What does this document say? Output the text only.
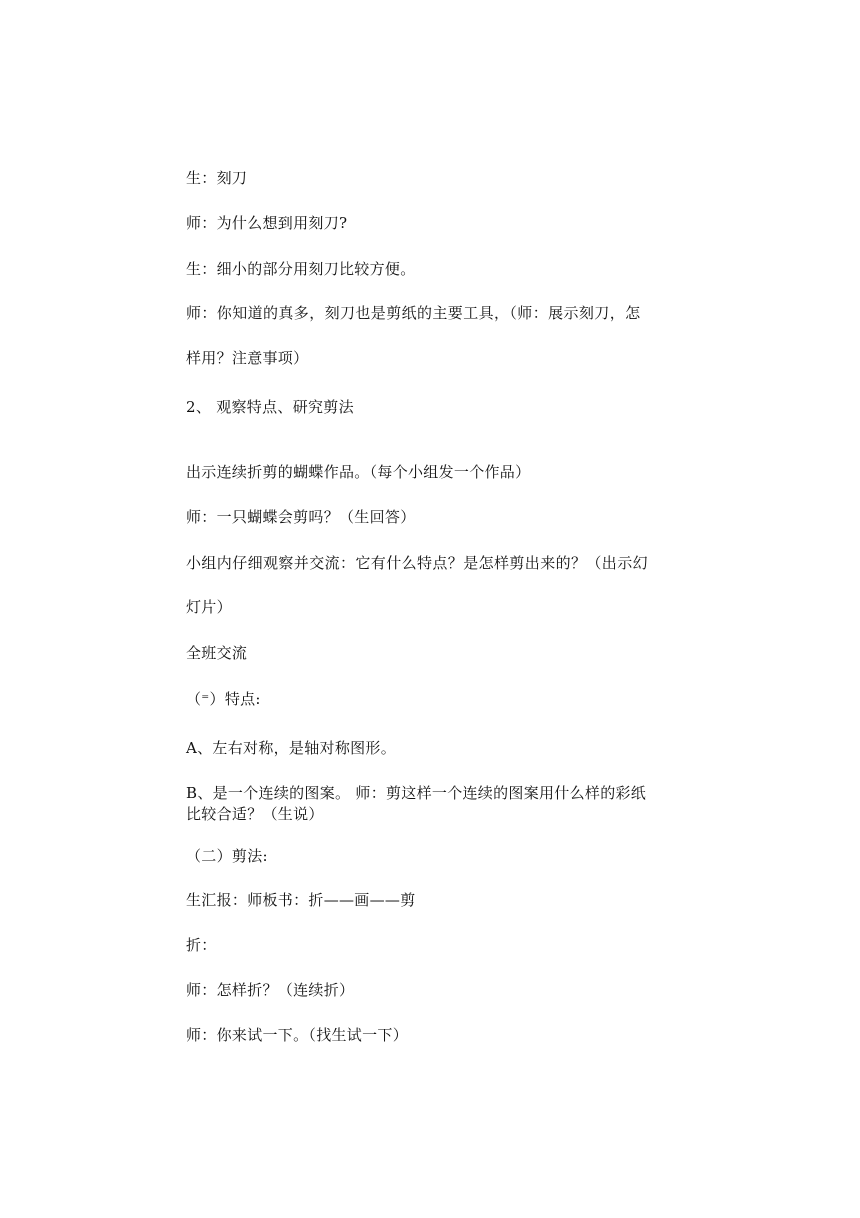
生：刻刀
师：为什么想到用刻刀?
生：细小的部分用刻刀比较方便。
师：你知道的真多，刻刀也是剪纸的主要工具，（师：展示刻刀，怎
样用？注意事项）
2、 观察特点、研究剪法
出示连续折剪的蝴蝶作品。（每个小组发一个作品）
师：一只蝴蝶会剪吗？（生回答）
小组内仔细观察并交流：它有什么特点？是怎样剪出来的？（出示幻
灯片）
全班交流
（⁼）特点:
A、左右对称，是轴对称图形。
B、是一个连续的图案。 师：剪这样一个连续的图案用什么样的彩纸
比较合适？（生说）
（二）剪法:
生汇报：师板书：折——画——剪
折：
师：怎样折？（连续折）
师：你来试一下。（找生试一下）
